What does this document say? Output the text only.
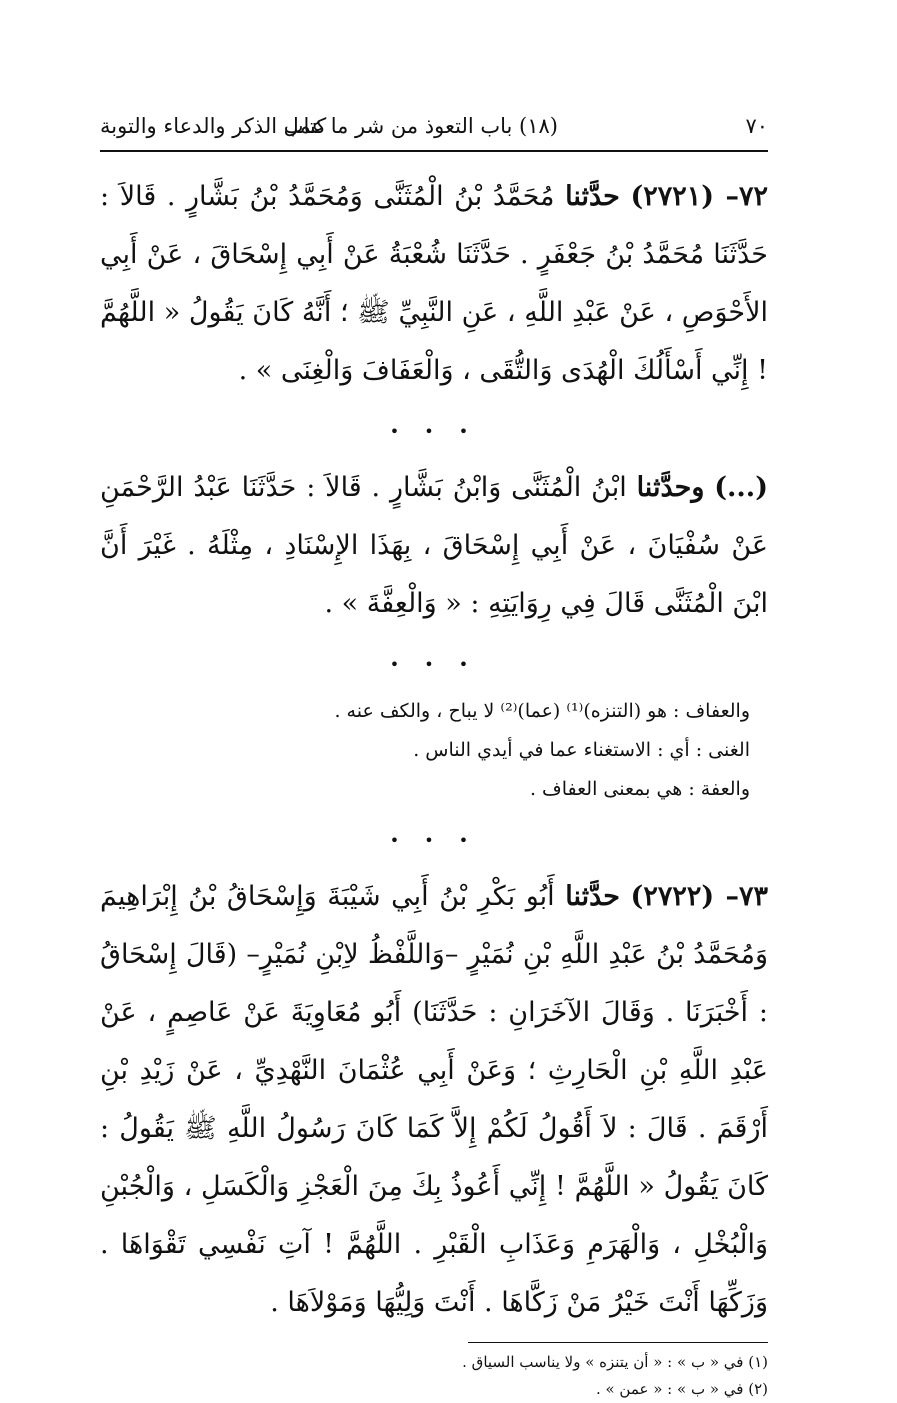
٧٠
(١٨) باب التعوذ من شر ما عمل
كتاب الذكر والدعاء والتوبة

٧٢– (٢٧٢١) حدَّثنا مُحَمَّدُ بْنُ الْمُثَنَّى وَمُحَمَّدُ بْنُ بَشَّارٍ . قَالاَ : حَدَّثَنَا مُحَمَّدُ بْنُ جَعْفَرٍ . حَدَّثَنَا شُعْبَةُ عَنْ أَبِي إِسْحَاقَ ، عَنْ أَبِي الأَحْوَصِ ، عَنْ عَبْدِ اللَّهِ ، عَنِ النَّبِيِّ ﷺ ؛ أَنَّهُ كَانَ يَقُولُ « اللَّهُمَّ ! إِنِّي أَسْأَلُكَ الْهُدَى وَالتُّقَى ، وَالْعَفَافَ وَالْغِنَى » .

• • •

(...) وحدَّثنا ابْنُ الْمُثَنَّى وَابْنُ بَشَّارٍ . قَالاَ : حَدَّثَنَا عَبْدُ الرَّحْمَنِ عَنْ سُفْيَانَ ، عَنْ أَبِي إِسْحَاقَ ، بِهَذَا الإِسْنَادِ ، مِثْلَهُ . غَيْرَ أَنَّ ابْنَ الْمُثَنَّى قَالَ فِي رِوَايَتِهِ : « وَالْعِفَّةَ » .

• • •

والعفاف : هو (التنزه)⁽¹⁾ (عما)⁽²⁾ لا يباح ، والكف عنه .

الغنى : أي : الاستغناء عما في أيدي الناس .

والعفة : هي بمعنى العفاف .

• • •

٧٣– (٢٧٢٢) حدَّثنا أَبُو بَكْرِ بْنُ أَبِي شَيْبَةَ وَإِسْحَاقُ بْنُ إِبْرَاهِيمَ وَمُحَمَّدُ بْنُ عَبْدِ اللَّهِ بْنِ نُمَيْرٍ –وَاللَّفْظُ لاِبْنِ نُمَيْرٍ– (قَالَ إِسْحَاقُ : أَخْبَرَنَا . وَقَالَ الآخَرَانِ : حَدَّثَنَا) أَبُو مُعَاوِيَةَ عَنْ عَاصِمٍ ، عَنْ عَبْدِ اللَّهِ بْنِ الْحَارِثِ ؛ وَعَنْ أَبِي عُثْمَانَ النَّهْدِيِّ ، عَنْ زَيْدِ بْنِ أَرْقَمَ . قَالَ : لاَ أَقُولُ لَكُمْ إِلاَّ كَمَا كَانَ رَسُولُ اللَّهِ ﷺ يَقُولُ : كَانَ يَقُولُ « اللَّهُمَّ ! إِنِّي أَعُوذُ بِكَ مِنَ الْعَجْزِ وَالْكَسَلِ ، وَالْجُبْنِ وَالْبُخْلِ ، وَالْهَرَمِ وَعَذَابِ الْقَبْرِ . اللَّهُمَّ ! آتِ نَفْسِي تَقْوَاهَا . وَزَكِّهَا أَنْتَ خَيْرُ مَنْ زَكَّاهَا . أَنْتَ وَلِيُّهَا وَمَوْلاَهَا .

(١) في « ب » : « أن يتنزه » ولا يناسب السياق .

(٢) في « ب » : « عمن » .
